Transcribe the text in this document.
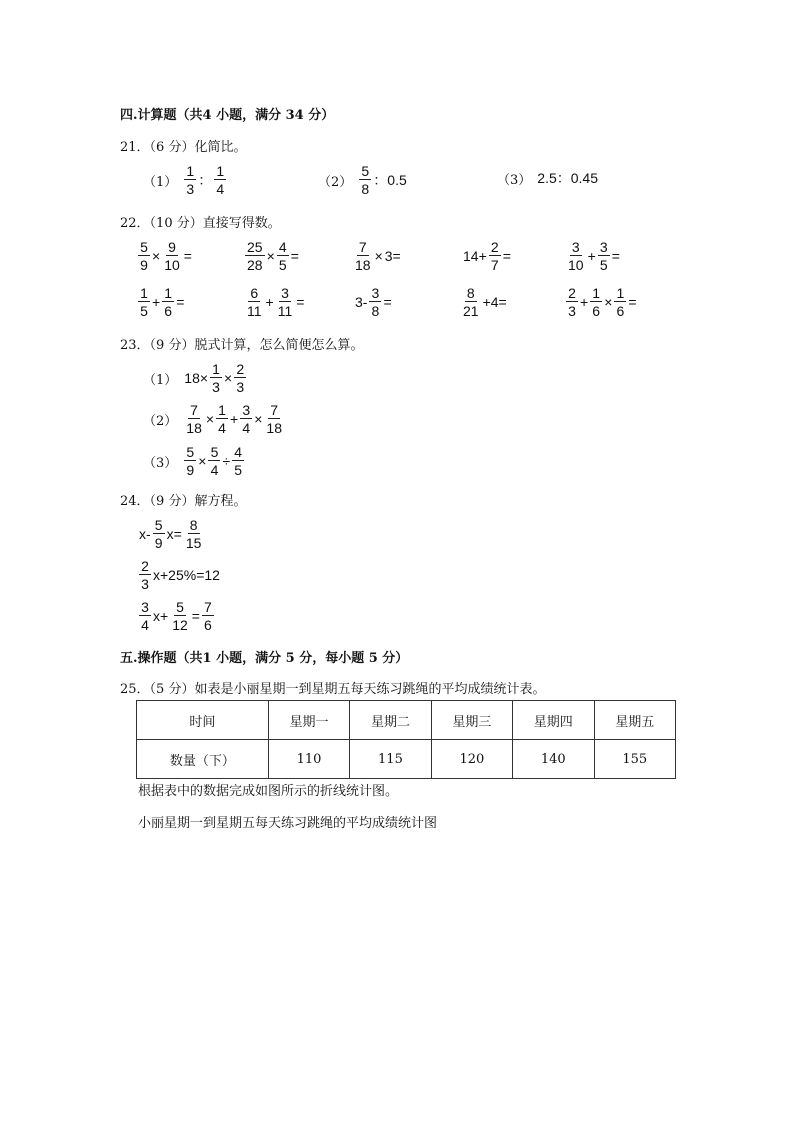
四.计算题（共4 小题，满分 34 分）
21．（6 分）化简比。
$(1) \frac{1}{3}$ ： $\frac{1}{4}$	$(2) \frac{5}{8}$ ：0.5	（3） 2.5：0.45
22．（10 分）直接写得数。
$\frac{5}{9} \times \frac{9}{10}$ =	$\frac{25}{28} \times \frac{4}{5}$ =	$\frac{7}{18} \times 3=$	$14+ \frac{2}{7}$ =	$\frac{3}{10} + \frac{3}{5}$ =
$\frac{1}{5} + \frac{1}{6}$ =	$\frac{6}{11} + \frac{3}{11}$ =	$3- \frac{3}{8}$ =	$\frac{8}{21} +4=$	$\frac{2}{3} + \frac{1}{6} \times \frac{1}{6}$ =
23．（9 分）脱式计算，怎么简便怎么算。
（1） $18\times \frac{1}{3} \times \frac{2}{3}$
$(2) \frac{7}{18} \times \frac{1}{4} + \frac{3}{4} \times \frac{7}{18}$
$(3) \frac{5}{9} \times \frac{5}{4} \div \frac{4}{5}$
24．（9 分）解方程。
$x- \frac{5}{9} x= \frac{8}{15}$
$\frac{2}{3} x+25\%=12$
$\frac{3}{4} x+ \frac{5}{12} = \frac{7}{6}$
五.操作题（共1 小题，满分 5 分，每小题 5 分）
25．（5 分）如表是小丽星期一到星期五每天练习跳绳的平均成绩统计表。
时间	星期一	星期二	星期三	星期四	星期五
数量（下）	110	115	120	140	155
根据表中的数据完成如图所示的折线统计图。
小丽星期一到星期五每天练习跳绳的平均成绩统计图
